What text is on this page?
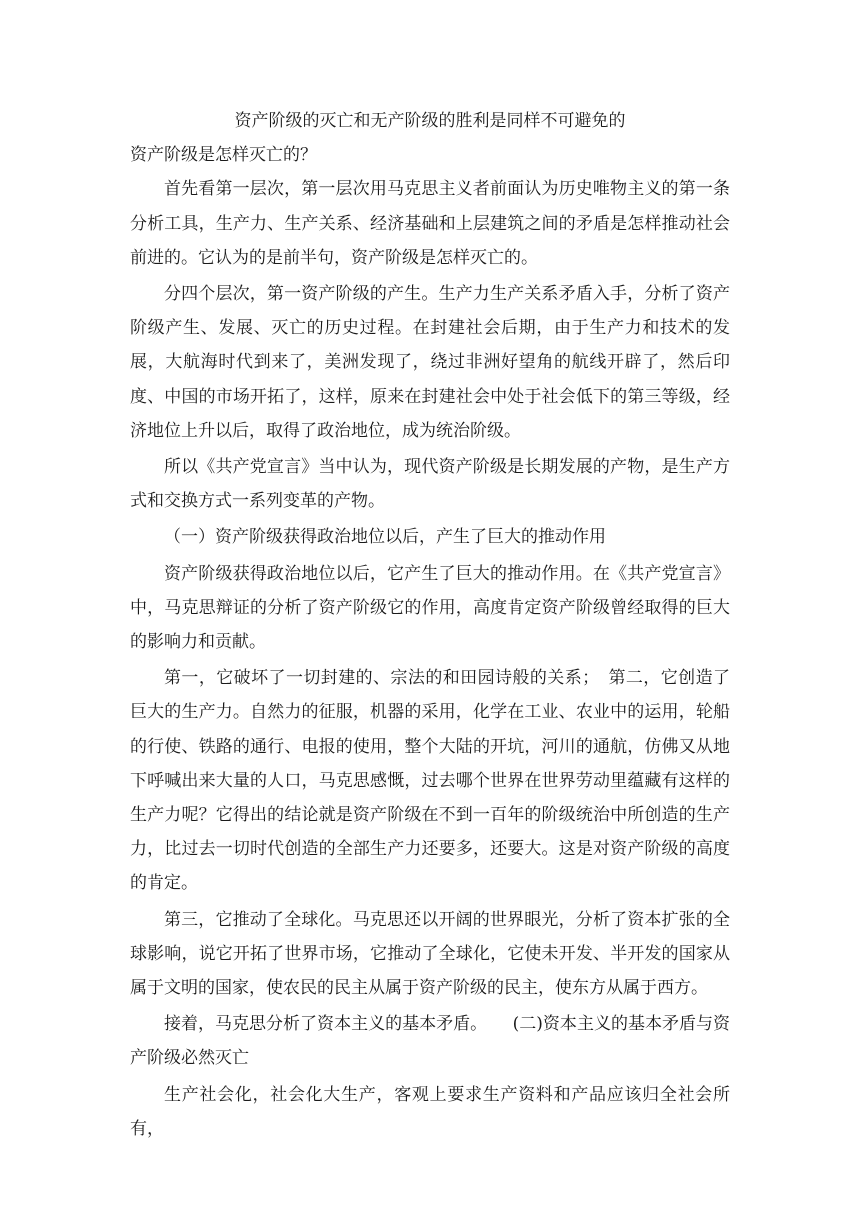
资产阶级的灭亡和无产阶级的胜利是同样不可避免的
资产阶级是怎样灭亡的？

首先看第一层次，第一层次用马克思主义者前面认为历史唯物主义的第一条分析工具，生产力、生产关系、经济基础和上层建筑之间的矛盾是怎样推动社会前进的。它认为的是前半句，资产阶级是怎样灭亡的。

分四个层次，第一资产阶级的产生。生产力生产关系矛盾入手，分析了资产阶级产生、发展、灭亡的历史过程。在封建社会后期，由于生产力和技术的发展，大航海时代到来了，美洲发现了，绕过非洲好望角的航线开辟了，然后印度、中国的市场开拓了，这样，原来在封建社会中处于社会低下的第三等级，经济地位上升以后，取得了政治地位，成为统治阶级。

所以《共产党宣言》当中认为，现代资产阶级是长期发展的产物，是生产方式和交换方式一系列变革的产物。

（一）资产阶级获得政治地位以后，产生了巨大的推动作用

资产阶级获得政治地位以后，它产生了巨大的推动作用。在《共产党宣言》中，马克思辩证的分析了资产阶级它的作用，高度肯定资产阶级曾经取得的巨大的影响力和贡献。

第一，它破坏了一切封建的、宗法的和田园诗般的关系；　第二，它创造了巨大的生产力。自然力的征服，机器的采用，化学在工业、农业中的运用，轮船的行使、铁路的通行、电报的使用，整个大陆的开坑，河川的通航，仿佛又从地下呼喊出来大量的人口，马克思感慨，过去哪个世界在世界劳动里蕴藏有这样的生产力呢？它得出的结论就是资产阶级在不到一百年的阶级统治中所创造的生产力，比过去一切时代创造的全部生产力还要多，还要大。这是对资产阶级的高度的肯定。

第三，它推动了全球化。马克思还以开阔的世界眼光，分析了资本扩张的全球影响，说它开拓了世界市场，它推动了全球化，它使未开发、半开发的国家从属于文明的国家，使农民的民主从属于资产阶级的民主，使东方从属于西方。

接着，马克思分析了资本主义的基本矛盾。　　(二)资本主义的基本矛盾与资产阶级必然灭亡

生产社会化，社会化大生产，客观上要求生产资料和产品应该归全社会所有，
